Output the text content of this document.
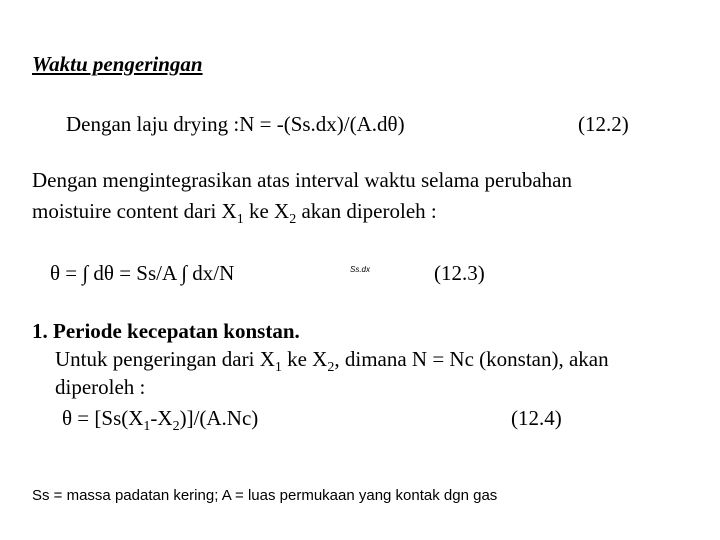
Waktu pengeringan
Dengan laju drying :N = -(Ss.dx)/(A.dθ)	(12.2)
Dengan mengintegrasikan atas interval waktu selama perubahan
moistuire content dari $X_1$ ke $X_2$ akan diperoleh :
θ = ∫ dθ = Ss/A ∫ dx/N	Ss.dx	(12.3)
1. Periode kecepatan konstan.
Untuk pengeringan dari $X_1$ ke $X_2$, dimana N = Nc (konstan), akan
diperoleh :
$\theta = [Ss(X_1-X_2)]/(A.Nc)$	(12.4)
Ss = massa padatan kering; A = luas permukaan yang kontak dgn gas
